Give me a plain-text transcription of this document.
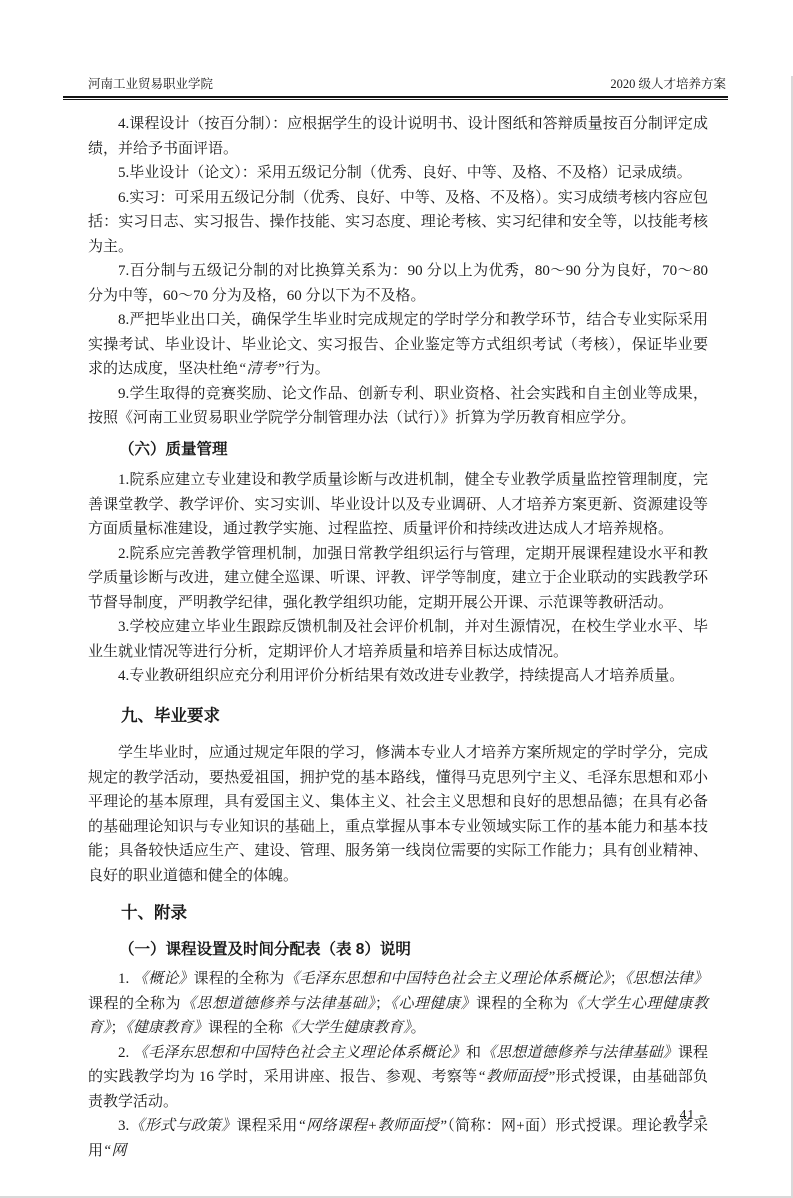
河南工业贸易职业学院	2020 级人才培养方案

4.课程设计（按百分制）：应根据学生的设计说明书、设计图纸和答辩质量按百分制评定成绩，并给予书面评语。

5.毕业设计（论文）：采用五级记分制（优秀、良好、中等、及格、不及格）记录成绩。

6.实习：可采用五级记分制（优秀、良好、中等、及格、不及格）。实习成绩考核内容应包括：实习日志、实习报告、操作技能、实习态度、理论考核、实习纪律和安全等，以技能考核为主。

7.百分制与五级记分制的对比换算关系为：90 分以上为优秀，80～90 分为良好，70～80 分为中等，60～70 分为及格，60 分以下为不及格。

8.严把毕业出口关，确保学生毕业时完成规定的学时学分和教学环节，结合专业实际采用实操考试、毕业设计、毕业论文、实习报告、企业鉴定等方式组织考试（考核），保证毕业要求的达成度，坚决杜绝“清考”行为。

9.学生取得的竞赛奖励、论文作品、创新专利、职业资格、社会实践和自主创业等成果，按照《河南工业贸易职业学院学分制管理办法（试行）》折算为学历教育相应学分。

（六）质量管理

1.院系应建立专业建设和教学质量诊断与改进机制，健全专业教学质量监控管理制度，完善课堂教学、教学评价、实习实训、毕业设计以及专业调研、人才培养方案更新、资源建设等方面质量标准建设，通过教学实施、过程监控、质量评价和持续改进达成人才培养规格。

2.院系应完善教学管理机制，加强日常教学组织运行与管理，定期开展课程建设水平和教学质量诊断与改进，建立健全巡课、听课、评教、评学等制度，建立于企业联动的实践教学环节督导制度，严明教学纪律，强化教学组织功能，定期开展公开课、示范课等教研活动。

3.学校应建立毕业生跟踪反馈机制及社会评价机制，并对生源情况，在校生学业水平、毕业生就业情况等进行分析，定期评价人才培养质量和培养目标达成情况。

4.专业教研组织应充分利用评价分析结果有效改进专业教学，持续提高人才培养质量。

九、毕业要求

学生毕业时，应通过规定年限的学习，修满本专业人才培养方案所规定的学时学分，完成规定的教学活动，要热爱祖国，拥护党的基本路线，懂得马克思列宁主义、毛泽东思想和邓小平理论的基本原理，具有爱国主义、集体主义、社会主义思想和良好的思想品德；在具有必备的基础理论知识与专业知识的基础上，重点掌握从事本专业领域实际工作的基本能力和基本技能；具备较快适应生产、建设、管理、服务第一线岗位需要的实际工作能力；具有创业精神、良好的职业道德和健全的体魄。

十、附录
（一）课程设置及时间分配表（表 8）说明

1. 《概论》课程的全称为《毛泽东思想和中国特色社会主义理论体系概论》；《思想法律》课程的全称为《思想道德修养与法律基础》；《心理健康》课程的全称为《大学生心理健康教育》；《健康教育》课程的全称《大学生健康教育》。

2. 《毛泽东思想和中国特色社会主义理论体系概论》和《思想道德修养与法律基础》课程的实践教学均为 16 学时，采用讲座、报告、参观、考察等“教师面授”形式授课，由基础部负责教学活动。

3.《形式与政策》课程采用“网络课程+教师面授”（简称：网+面）形式授课。理论教学采用“网

- 41 -
